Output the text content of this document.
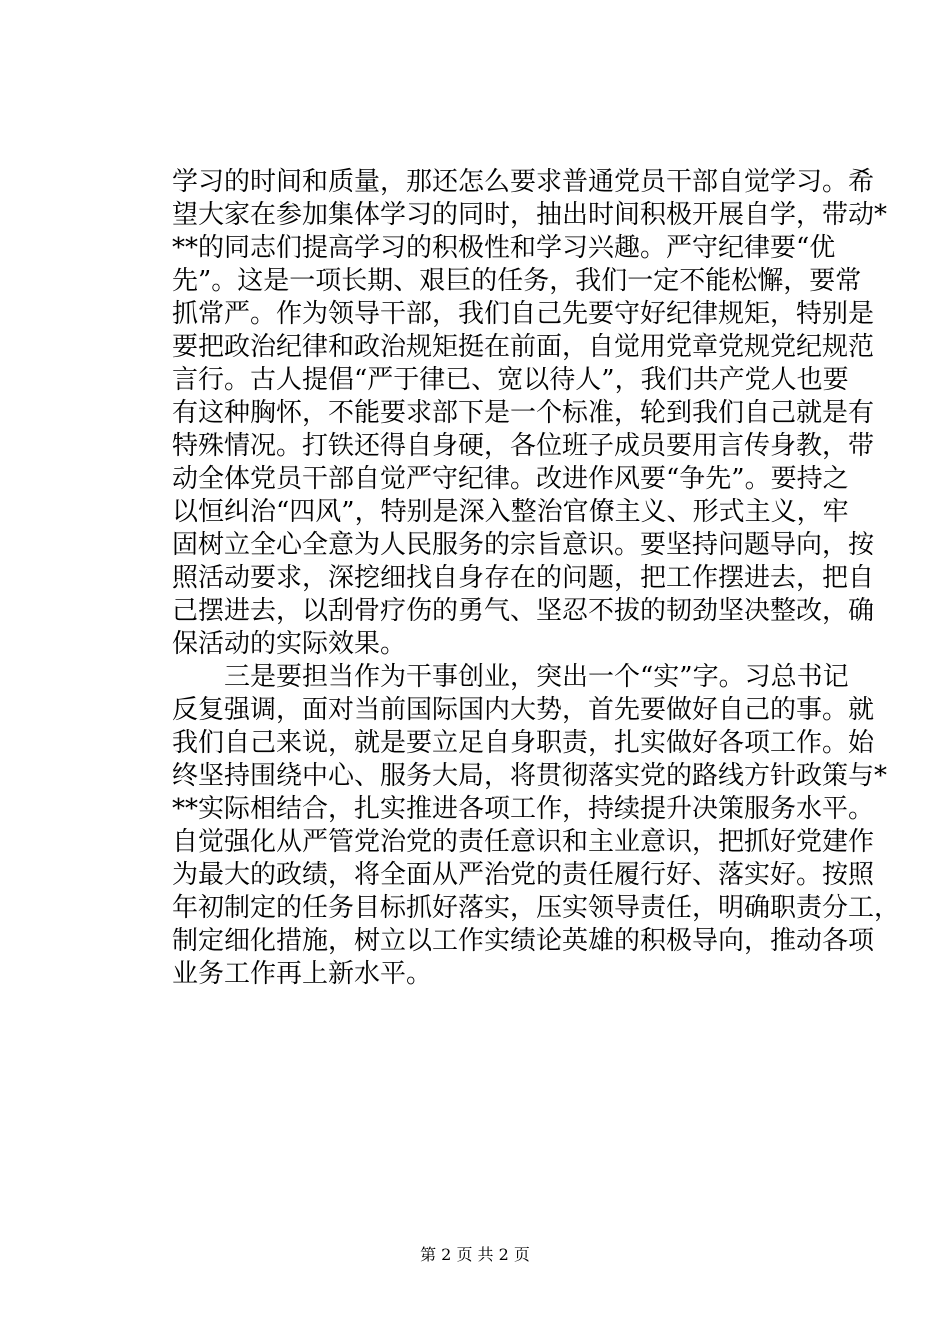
学习的时间和质量，那还怎么要求普通党员干部自觉学习。希
望大家在参加集体学习的同时，抽出时间积极开展自学，带动*
**的同志们提高学习的积极性和学习兴趣。严守纪律要“优
先”。这是一项长期、艰巨的任务，我们一定不能松懈，要常
抓常严。作为领导干部，我们自己先要守好纪律规矩，特别是
要把政治纪律和政治规矩挺在前面，自觉用党章党规党纪规范
言行。古人提倡“严于律已、宽以待人”，我们共产党人也要
有这种胸怀，不能要求部下是一个标准，轮到我们自己就是有
特殊情况。打铁还得自身硬，各位班子成员要用言传身教，带
动全体党员干部自觉严守纪律。改进作风要“争先”。要持之
以恒纠治“四风”，特别是深入整治官僚主义、形式主义，牢
固树立全心全意为人民服务的宗旨意识。要坚持问题导向，按
照活动要求，深挖细找自身存在的问题，把工作摆进去，把自
己摆进去，以刮骨疗伤的勇气、坚忍不拔的韧劲坚决整改，确
保活动的实际效果。
三是要担当作为干事创业，突出一个“实”字。习总书记
反复强调，面对当前国际国内大势，首先要做好自己的事。就
我们自己来说，就是要立足自身职责，扎实做好各项工作。始
终坚持围绕中心、服务大局，将贯彻落实党的路线方针政策与*
**实际相结合，扎实推进各项工作，持续提升决策服务水平。
自觉强化从严管党治党的责任意识和主业意识，把抓好党建作
为最大的政绩，将全面从严治党的责任履行好、落实好。按照
年初制定的任务目标抓好落实，压实领导责任，明确职责分工，
制定细化措施，树立以工作实绩论英雄的积极导向，推动各项
业务工作再上新水平。
第 2 页 共 2 页
